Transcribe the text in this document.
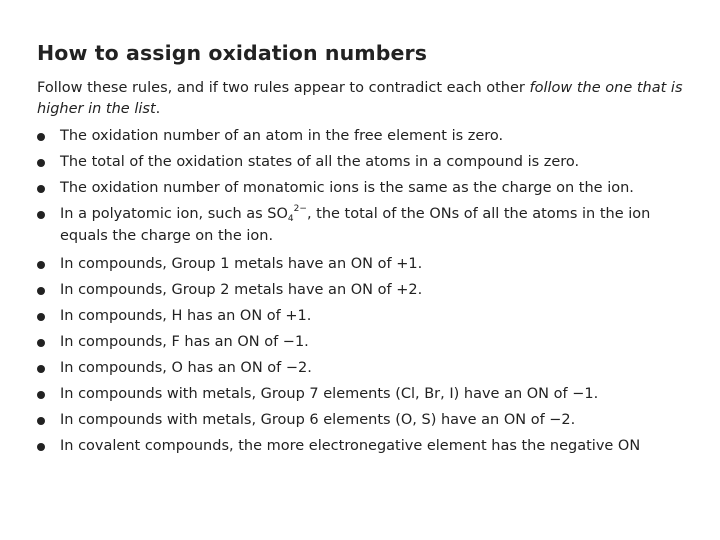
How to assign oxidation numbers
Follow these rules, and if two rules appear to contradict each other follow the one that is higher in the list.
The oxidation number of an atom in the free element is zero.
The total of the oxidation states of all the atoms in a compound is zero.
The oxidation number of monatomic ions is the same as the charge on the ion.
In a polyatomic ion, such as $SO_4^{2-}$, the total of the ONs of all the atoms in the ion equals the charge on the ion.
In compounds, Group 1 metals have an ON of +1.
In compounds, Group 2 metals have an ON of +2.
In compounds, H has an ON of +1.
In compounds, F has an ON of −1.
In compounds, O has an ON of −2.
In compounds with metals, Group 7 elements (Cl, Br, I) have an ON of −1.
In compounds with metals, Group 6 elements (O, S) have an ON of −2.
In covalent compounds, the more electronegative element has the negative ON
